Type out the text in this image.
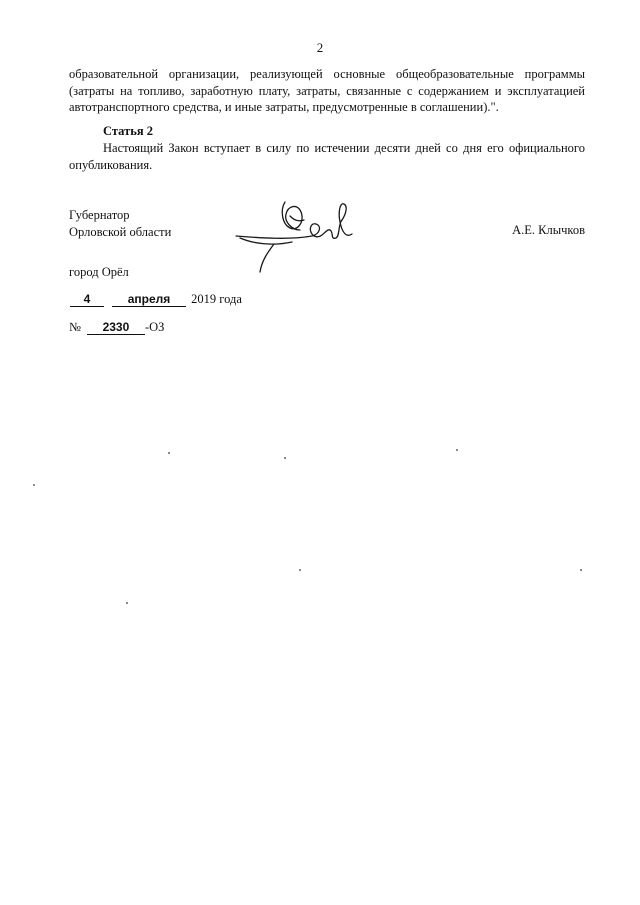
2
образовательной организации, реализующей основные общеобразовательные программы (затраты на топливо, заработную плату, затраты, связанные с содержанием и эксплуатацией автотранспортного средства, и иные затраты, предусмотренные в соглашении).".
Статья 2
Настоящий Закон вступает в силу по истечении десяти дней со дня его официального опубликования.
Губернатор
Орловской области	А.Е. Клычков
город Орёл
4	апреля 2019 года
№ 2330 -ОЗ
